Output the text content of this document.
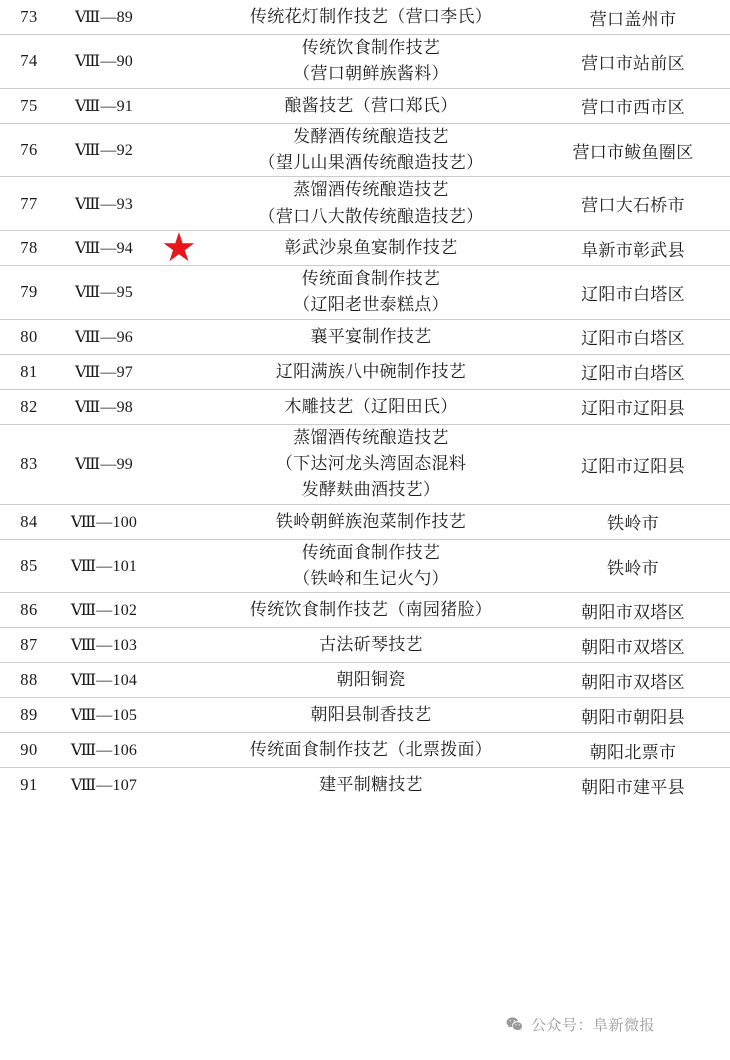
73	Ⅷ—89		传统花灯制作技艺（营口李氏）	营口盖州市
74	Ⅷ—90		传统饮食制作技艺
（营口朝鲜族酱料）	营口市站前区
75	Ⅷ—91		酿酱技艺（营口郑氏）	营口市西市区
76	Ⅷ—92		发酵酒传统酿造技艺
（望儿山果酒传统酿造技艺）	营口市鲅鱼圈区
77	Ⅷ—93		蒸馏酒传统酿造技艺
（营口八大散传统酿造技艺）	营口大石桥市
78	Ⅷ—94	★	彰武沙泉鱼宴制作技艺	阜新市彰武县
79	Ⅷ—95		传统面食制作技艺
（辽阳老世泰糕点）	辽阳市白塔区
80	Ⅷ—96		襄平宴制作技艺	辽阳市白塔区
81	Ⅷ—97		辽阳满族八中碗制作技艺	辽阳市白塔区
82	Ⅷ—98		木雕技艺（辽阳田氏）	辽阳市辽阳县
83	Ⅷ—99		蒸馏酒传统酿造技艺
（下达河龙头湾固态混料
发酵麸曲酒技艺）	辽阳市辽阳县
84	Ⅷ—100		铁岭朝鲜族泡菜制作技艺	铁岭市
85	Ⅷ—101		传统面食制作技艺
（铁岭和生记火勺）	铁岭市
86	Ⅷ—102		传统饮食制作技艺（南园猪脸）	朝阳市双塔区
87	Ⅷ—103		古法斫琴技艺	朝阳市双塔区
88	Ⅷ—104		朝阳铜瓷	朝阳市双塔区
89	Ⅷ—105		朝阳县制香技艺	朝阳市朝阳县
90	Ⅷ—106		传统面食制作技艺（北票拨面）	朝阳北票市
91	Ⅷ—107		建平制糖技艺	朝阳市建平县
公众号：阜新微报
